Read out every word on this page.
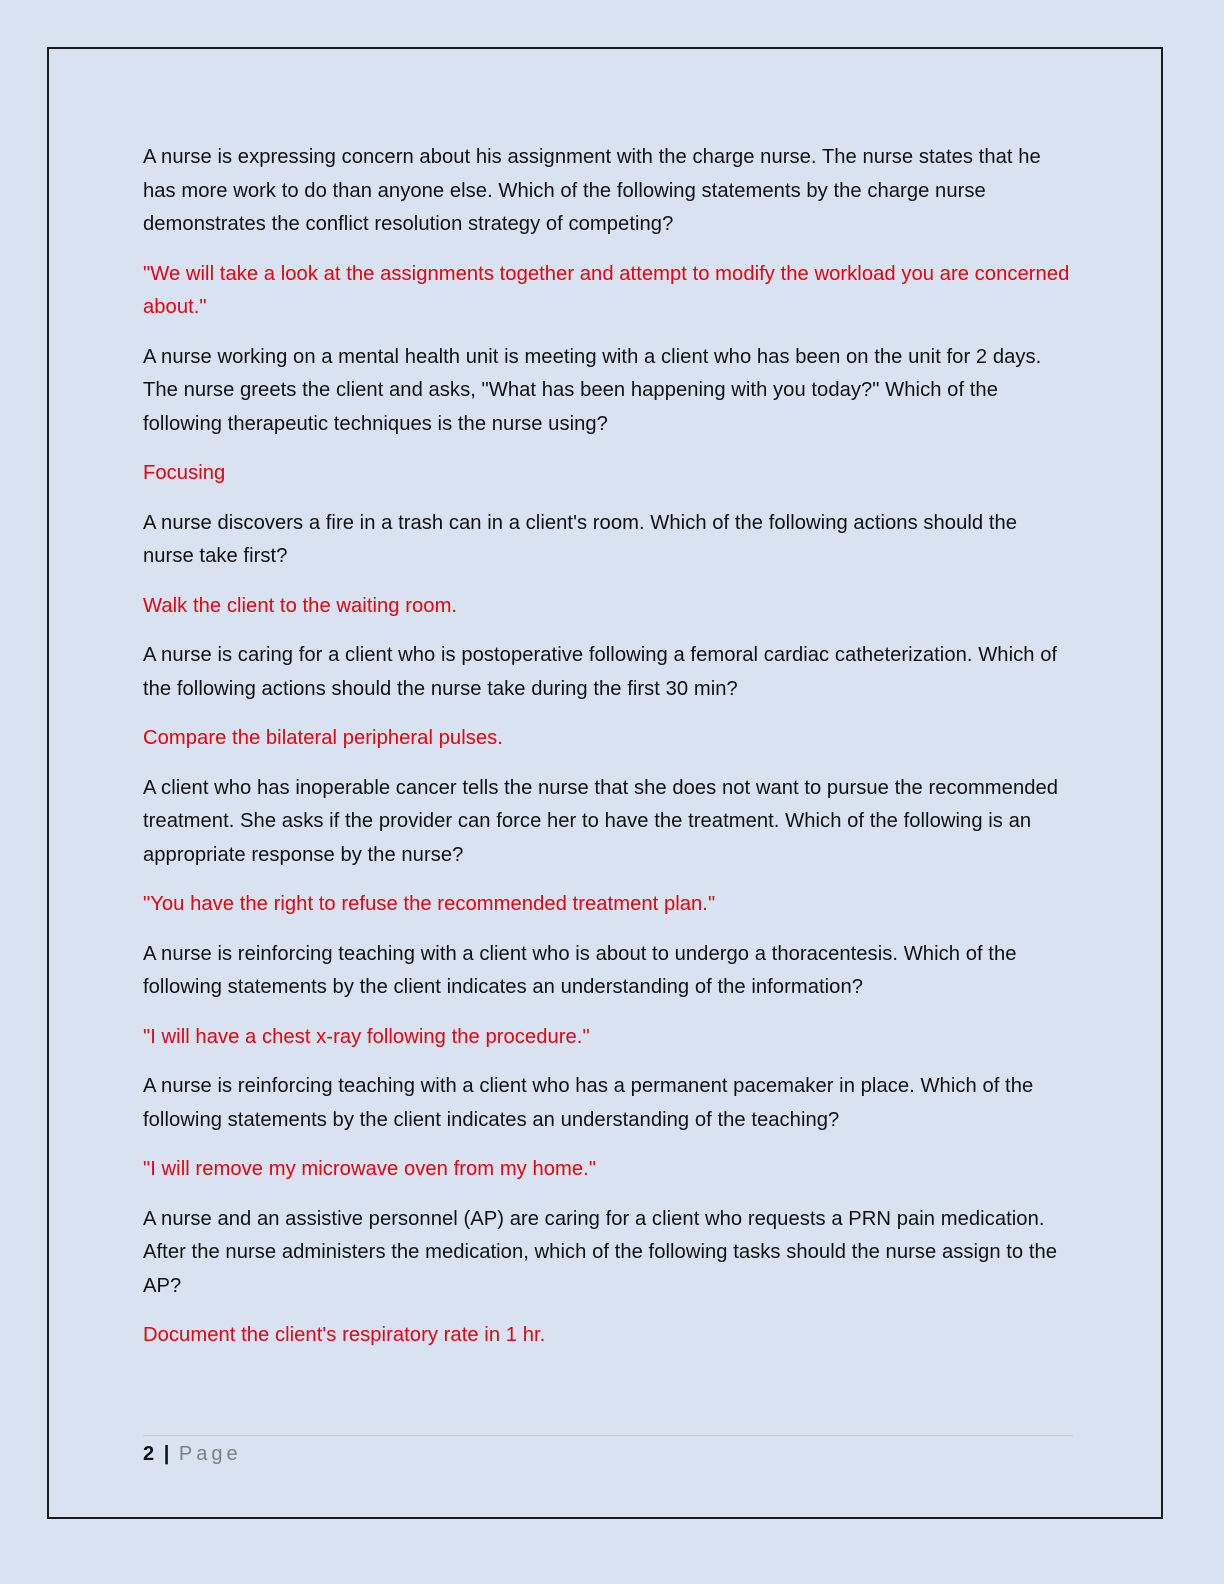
A nurse is expressing concern about his assignment with the charge nurse. The nurse states that he has more work to do than anyone else. Which of the following statements by the charge nurse demonstrates the conflict resolution strategy of competing?

"We will take a look at the assignments together and attempt to modify the workload you are concerned about."

A nurse working on a mental health unit is meeting with a client who has been on the unit for 2 days. The nurse greets the client and asks, "What has been happening with you today?" Which of the following therapeutic techniques is the nurse using?

Focusing

A nurse discovers a fire in a trash can in a client's room. Which of the following actions should the nurse take first?

Walk the client to the waiting room.

A nurse is caring for a client who is postoperative following a femoral cardiac catheterization. Which of the following actions should the nurse take during the first 30 min?

Compare the bilateral peripheral pulses.

A client who has inoperable cancer tells the nurse that she does not want to pursue the recommended treatment. She asks if the provider can force her to have the treatment. Which of the following is an appropriate response by the nurse?

"You have the right to refuse the recommended treatment plan."

A nurse is reinforcing teaching with a client who is about to undergo a thoracentesis. Which of the following statements by the client indicates an understanding of the information?

"I will have a chest x-ray following the procedure."

A nurse is reinforcing teaching with a client who has a permanent pacemaker in place. Which of the following statements by the client indicates an understanding of the teaching?

"I will remove my microwave oven from my home."

A nurse and an assistive personnel (AP) are caring for a client who requests a PRN pain medication. After the nurse administers the medication, which of the following tasks should the nurse assign to the AP?

Document the client's respiratory rate in 1 hr.

2 | Page
